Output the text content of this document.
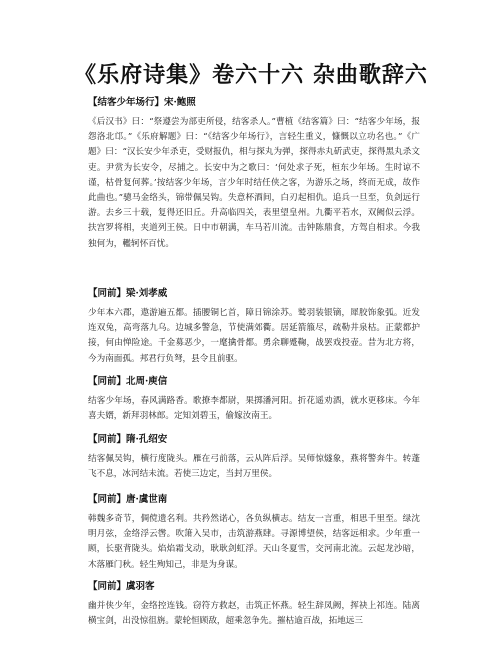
《乐府诗集》卷六十六 杂曲歌辞六
【结客少年场行】宋·鲍照

《后汉书》曰：“祭遵尝为部吏所侵，结客杀人。”曹植《结客篇》曰：“结客少年场，报怨洛北邙。”《乐府解题》曰：“《结客少年场行》，言轻生重义，慷慨以立功名也。”《广题》曰：“汉长安少年杀吏，受财报仇，相与探丸为弹，探得赤丸斫武吏，探得黑丸杀文吏。尹赏为长安令，尽捕之。长安中为之歌曰：‘何处求子死，桓东少年场。生时谅不谨，枯骨复何葬。’按结客少年场，言少年时结任侠之客，为游乐之场，终而无成，故作此曲也。”骢马金络头，锦带佩吴钩。失意杯酒间，白刃起相仇。追兵一旦至，负剑远行游。去乡三十载，复得还旧丘。升高临四关，表里望皇州。九衢平若水，双阙似云浮。扶宫罗将相，夹道列王侯。日中市朝满，车马若川流。击钟陈鼎食，方驾自相求。今我独何为，轞轲怀百忧。

【同前】梁·刘孝威

少年本六郡，遨游遍五都。插腰铜匕首，障日锦涂苏。鹫羽装银镝，犀胶饰象弧。近发连双兔，高弯落九乌。边城多警急，节使满郊衢。居延箭箙尽，疏勒井泉枯。正蒙都护接，何由惮险途。千金募恶少，一麾擒骨都。勇余聊蹙鞠，战罢戏投壶。昔为北方将，今为南面孤。邦君行负弩，县令且前驱。

【同前】北周·庾信

结客少年场，春风满路香。歌撩李都尉，果掷潘河阳。折花遥劝酒，就水更移床。今年喜夫婿，新拜羽林郎。定知刘碧玉，偷嫁汝南王。

【同前】隋·孔绍安

结客佩吴钩，横行度陇头。雁在弓前落，云从阵后浮。吴师惊燧象，燕将警奔牛。转蓬飞不息，冰河结未流。若使三边定，当封万里侯。

【同前】唐·虞世南

韩魏多奇节，倜傥遗名利。共矜然诺心，各负纵横志。结友一言重，相思千里至。绿沈明月弦，金络浮云辔。吹箫入吴市，击筑游燕肆。寻源博望侯，结客远相求。少年重一顾，长驱背陇头。焰焰霜戈动，耿耿剑虹浮。天山冬夏雪，交河南北流。云起龙沙暗，木落雁门秋。轻生殉知己，非是为身谋。

【同前】虞羽客

幽并侠少年，金络控连钱。窃符方救赵，击筑正怀燕。轻生辞凤阙，挥袂上祁连。陆离横宝剑，出没惊徂旃。蒙轮恒顾敌，超乘忽争先。摧枯逾百战，拓地远三
